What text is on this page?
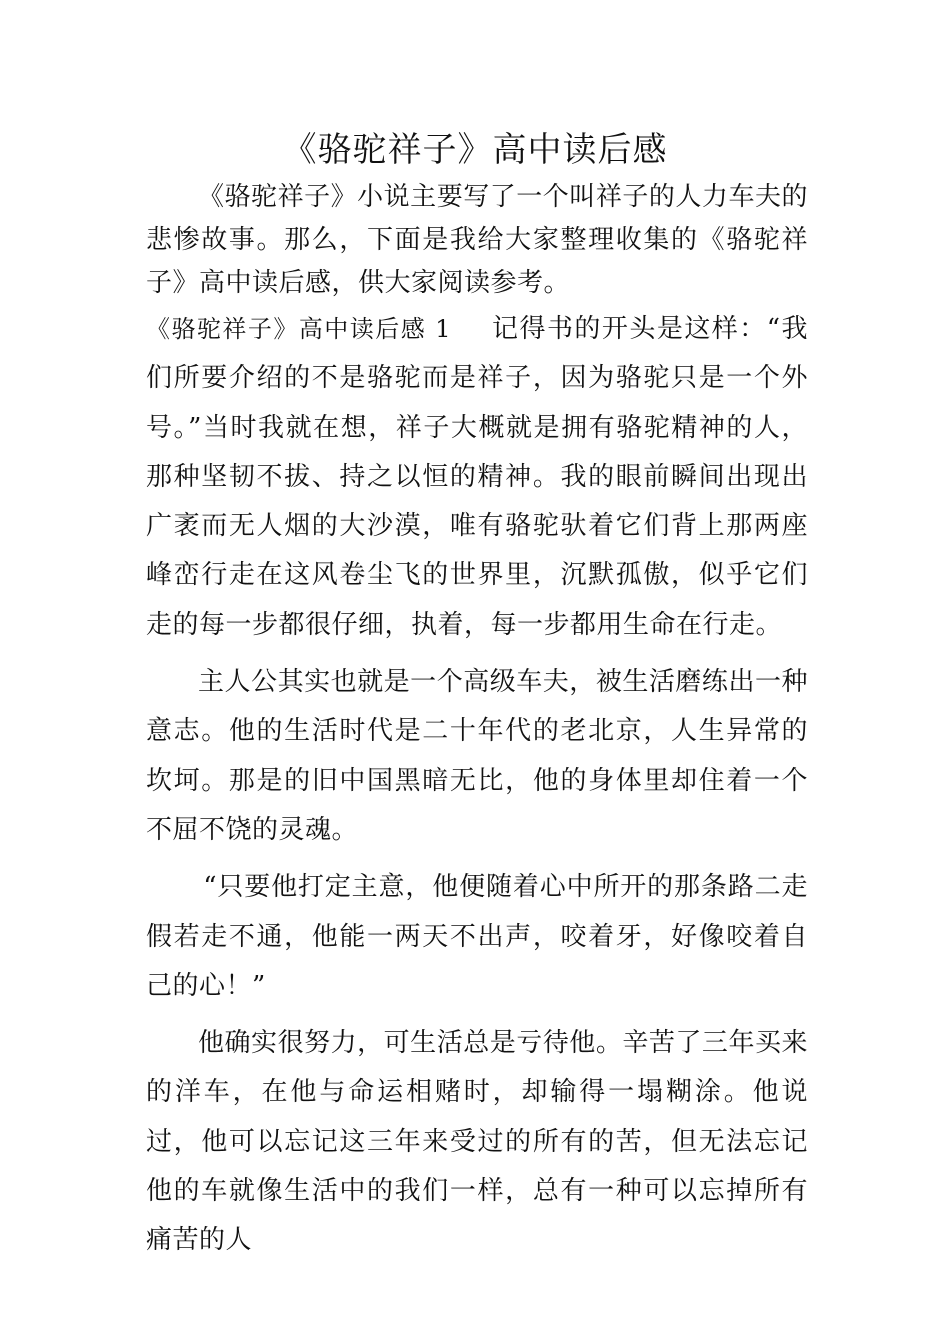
《骆驼祥子》高中读后感

《骆驼祥子》小说主要写了一个叫祥子的人力车夫的悲惨故事。那么，下面是我给大家整理收集的《骆驼祥子》高中读后感，供大家阅读参考。

《骆驼祥子》高中读后感 1 记得书的开头是这样：“我们所要介绍的不是骆驼而是祥子，因为骆驼只是一个外号。”当时我就在想，祥子大概就是拥有骆驼精神的人，那种坚韧不拔、持之以恒的精神。我的眼前瞬间出现出广袤而无人烟的大沙漠，唯有骆驼驮着它们背上那两座峰峦行走在这风卷尘飞的世界里，沉默孤傲，似乎它们走的每一步都很仔细，执着，每一步都用生命在行走。

主人公其实也就是一个高级车夫，被生活磨练出一种意志。他的生活时代是二十年代的老北京，人生异常的坎坷。那是的旧中国黑暗无比，他的身体里却住着一个不屈不饶的灵魂。

“只要他打定主意，他便随着心中所开的那条路二走假若走不通，他能一两天不出声，咬着牙，好像咬着自己的心！”

他确实很努力，可生活总是亏待他。辛苦了三年买来的洋车，在他与命运相赌时，却输得一塌糊涂。他说过，他可以忘记这三年来受过的所有的苦，但无法忘记他的车就像生活中的我们一样，总有一种可以忘掉所有痛苦的人
